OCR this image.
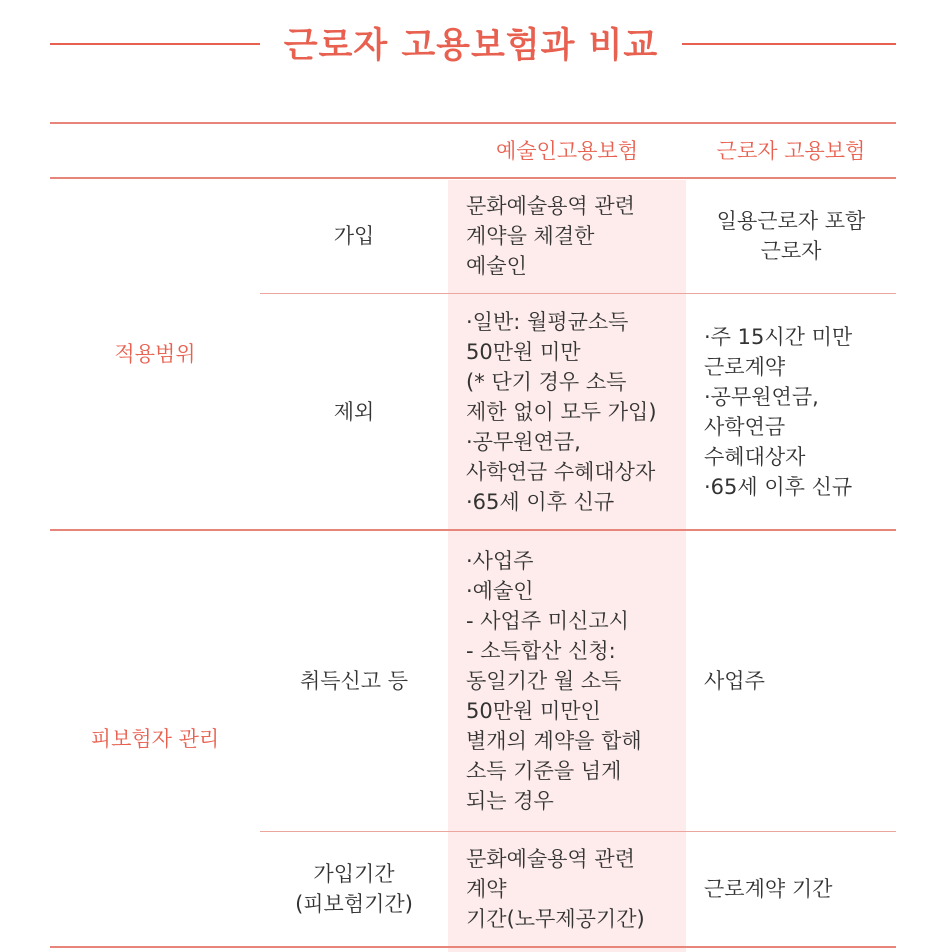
근로자 고용보험과 비교
예술인고용보험	근로자 고용보험
적용범위
가입
문화예술용역 관련
계약을 체결한
예술인
일용근로자 포함
근로자
제외
·일반: 월평균소득
50만원 미만
(* 단기 경우 소득
제한 없이 모두 가입)
·공무원연금,
사학연금 수혜대상자
·65세 이후 신규
·주 15시간 미만
근로계약
·공무원연금,
사학연금
수혜대상자
·65세 이후 신규
피보험자 관리
취득신고 등
·사업주
·예술인
- 사업주 미신고시
- 소득합산 신청:
동일기간 월 소득
50만원 미만인
별개의 계약을 합해
소득 기준을 넘게
되는 경우
사업주
가입기간
(피보험기간)
문화예술용역 관련
계약
기간(노무제공기간)
근로계약 기간
